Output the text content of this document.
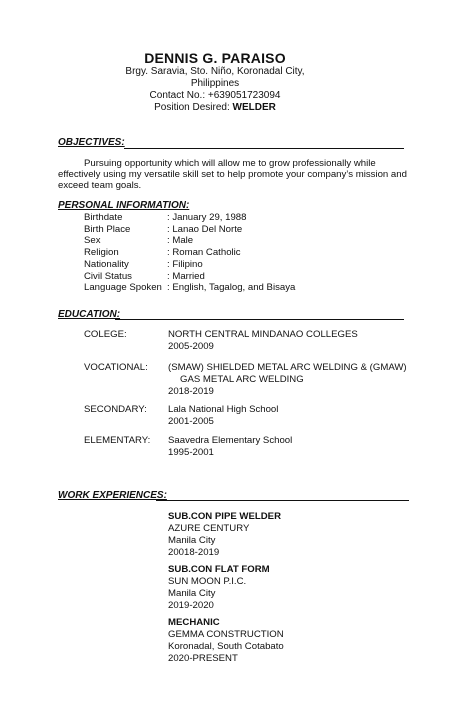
DENNIS G. PARAISO
Brgy. Saravia, Sto. Niño, Koronadal City, Philippines
Contact No.: +639051723094
Position Desired: WELDER
OBJECTIVES:
Pursuing opportunity which will allow me to grow professionally while effectively using my versatile skill set to help promote your company’s mission and exceed team goals.
PERSONAL INFORMATION:
Birthdate	: January 29, 1988
Birth Place	: Lanao Del Norte
Sex	: Male
Religion	: Roman Catholic
Nationality	: Filipino
Civil Status	: Married
Language Spoken : English, Tagalog, and Bisaya
EDUCATION:
COLEGE:	NORTH CENTRAL MINDANAO COLLEGES
2005-2009
VOCATIONAL:	(SMAW) SHIELDED METAL ARC WELDING & (GMAW)
GAS METAL ARC WELDING
2018-2019
SECONDARY:	Lala National High School
2001-2005
ELEMENTARY:	Saavedra Elementary School
1995-2001
WORK EXPERIENCES:
SUB.CON PIPE WELDER
AZURE CENTURY
Manila City
20018-2019
SUB.CON FLAT FORM
SUN MOON P.I.C.
Manila City
2019-2020
MECHANIC
GEMMA CONSTRUCTION
Koronadal, South Cotabato
2020-PRESENT
